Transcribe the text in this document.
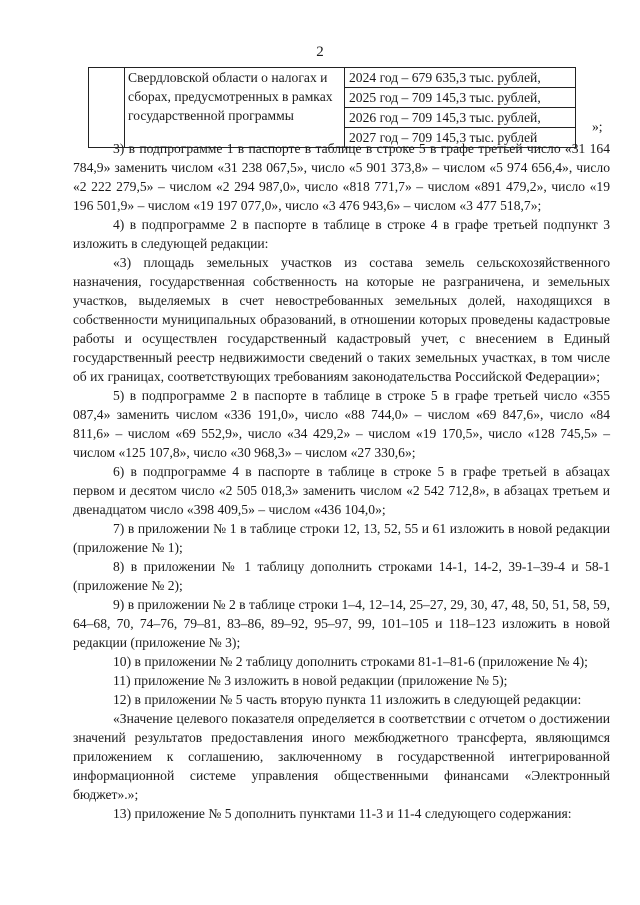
2
	Свердловской области о налогах и сборах, предусмотренных в рамках государственной программы	
2024 год – 679 635,3 тыс. рублей,
2025 год – 709 145,3 тыс. рублей,
2026 год – 709 145,3 тыс. рублей,
2027 год – 709 145,3 тыс. рублей
»;

3) в подпрограмме 1 в паспорте в таблице в строке 5 в графе третьей число «31 164 784,9» заменить числом «31 238 067,5», число «5 901 373,8» – числом «5 974 656,4», число «2 222 279,5» – числом «2 294 987,0», число «818 771,7» – числом «891 479,2», число «19 196 501,9» – числом «19 197 077,0», число «3 476 943,6» – числом «3 477 518,7»;

4) в подпрограмме 2 в паспорте в таблице в строке 4 в графе третьей подпункт 3 изложить в следующей редакции:

«3) площадь земельных участков из состава земель сельскохозяйственного назначения, государственная собственность на которые не разграничена, и земельных участков, выделяемых в счет невостребованных земельных долей, находящихся в собственности муниципальных образований, в отношении которых проведены кадастровые работы и осуществлен государственный кадастровый учет, с внесением в Единый государственный реестр недвижимости сведений о таких земельных участках, в том числе об их границах, соответствующих требованиям законодательства Российской Федерации»;

5) в подпрограмме 2 в паспорте в таблице в строке 5 в графе третьей число «355 087,4» заменить числом «336 191,0», число «88 744,0» – числом «69 847,6», число «84 811,6» – числом «69 552,9», число «34 429,2» – числом «19 170,5», число «128 745,5» – числом «125 107,8», число «30 968,3» – числом «27 330,6»;

6) в подпрограмме 4 в паспорте в таблице в строке 5 в графе третьей в абзацах первом и десятом число «2 505 018,3» заменить числом «2 542 712,8», в абзацах третьем и двенадцатом число «398 409,5» – числом «436 104,0»;

7) в приложении № 1 в таблице строки 12, 13, 52, 55 и 61 изложить в новой редакции (приложение № 1);

8) в приложении № 1 таблицу дополнить строками 14-1, 14-2, 39-1–39-4 и 58-1 (приложение № 2);

9) в приложении № 2 в таблице строки 1–4, 12–14, 25–27, 29, 30, 47, 48, 50, 51, 58, 59, 64–68, 70, 74–76, 79–81, 83–86, 89–92, 95–97, 99, 101–105 и 118–123 изложить в новой редакции (приложение № 3);

10) в приложении № 2 таблицу дополнить строками 81-1–81-6 (приложение № 4);

11) приложение № 3 изложить в новой редакции (приложение № 5);

12) в приложении № 5 часть вторую пункта 11 изложить в следующей редакции:

«Значение целевого показателя определяется в соответствии с отчетом о достижении значений результатов предоставления иного межбюджетного трансферта, являющимся приложением к соглашению, заключенному в государственной интегрированной информационной системе управления общественными финансами «Электронный бюджет».»;

13) приложение № 5 дополнить пунктами 11-3 и 11-4 следующего содержания:
